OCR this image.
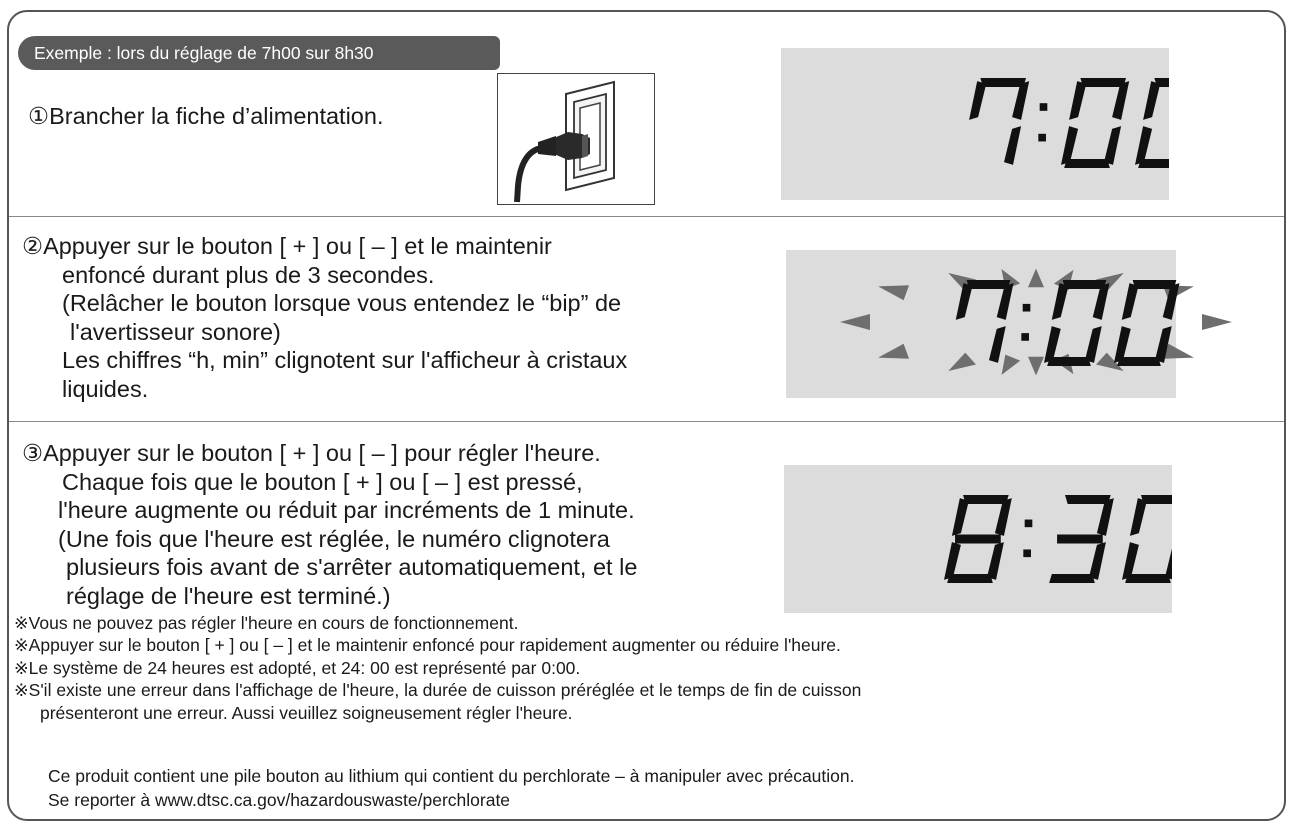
Exemple : lors du réglage de 7h00 sur 8h30
①Brancher la fiche d’alimentation.
②Appuyer sur le bouton [ + ] ou [ – ] et le maintenir
enfoncé durant plus de 3 secondes.
(Relâcher le bouton lorsque vous entendez le “bip” de
l'avertisseur sonore)
Les chiffres “h, min” clignotent sur l'afficheur à cristaux
liquides.
③Appuyer sur le bouton [ + ] ou [ – ] pour régler l'heure.
Chaque fois que le bouton [ + ] ou [ – ] est pressé,
l'heure augmente ou réduit par incréments de 1 minute.
(Une fois que l'heure est réglée, le numéro clignotera
plusieurs fois avant de s'arrêter automatiquement, et le
réglage de l'heure est terminé.)
※Vous ne pouvez pas régler l'heure en cours de fonctionnement.
※Appuyer sur le bouton [ + ] ou [ – ] et le maintenir enfoncé pour rapidement augmenter ou réduire l'heure.
※Le système de 24 heures est adopté, et 24: 00 est représenté par 0:00.
※S'il existe une erreur dans l'affichage de l'heure, la durée de cuisson préréglée et le temps de fin de cuisson
présenteront une erreur. Aussi veuillez soigneusement régler l'heure.
Ce produit contient une pile bouton au lithium qui contient du perchlorate – à manipuler avec précaution.
Se reporter à www.dtsc.ca.gov/hazardouswaste/perchlorate
